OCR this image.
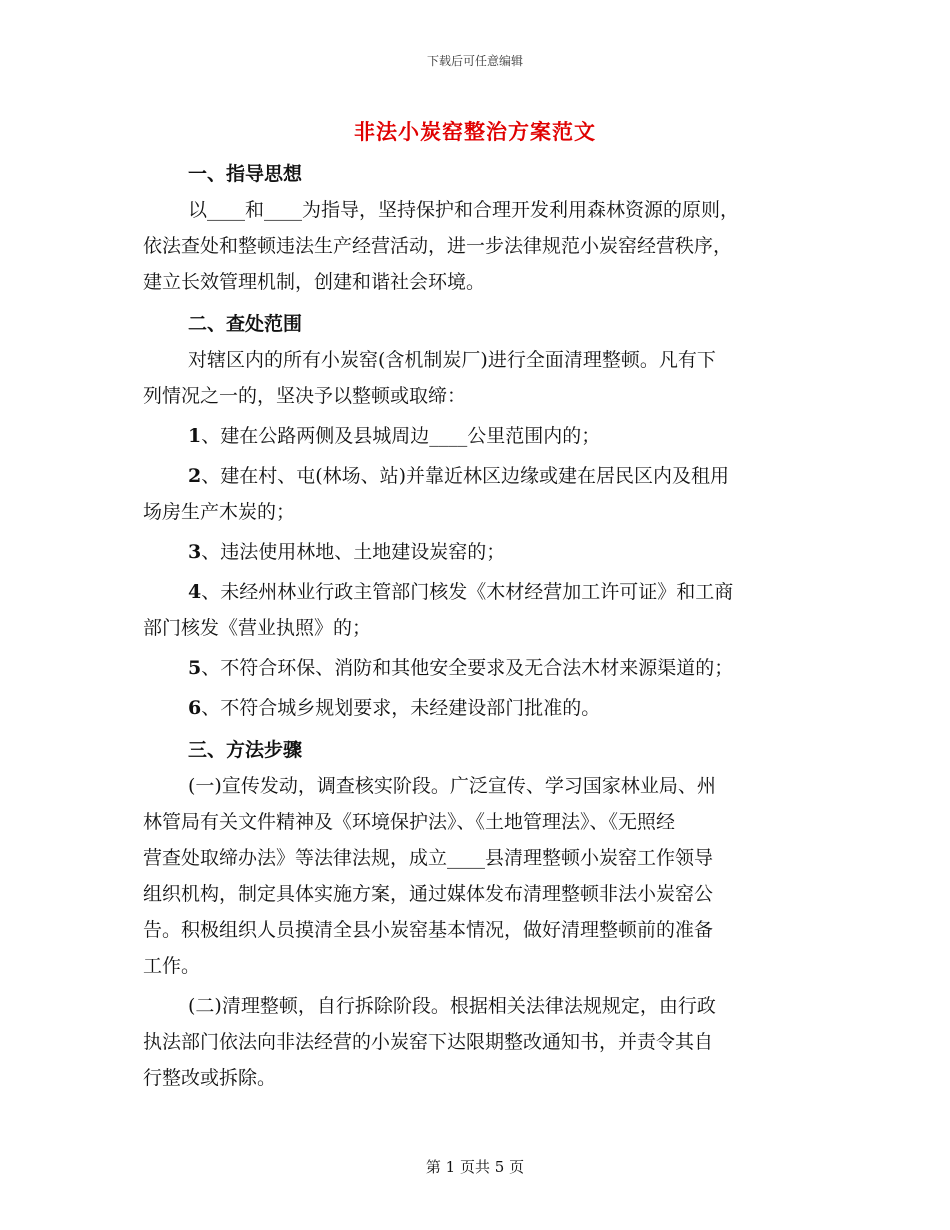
下载后可任意编辑
非法小炭窑整治方案范文
一、指导思想
以____和____为指导，坚持保护和合理开发利用森林资源的原则，
依法查处和整顿违法生产经营活动，进一步法律规范小炭窑经营秩序，
建立长效管理机制，创建和谐社会环境。
二、查处范围
对辖区内的所有小炭窑(含机制炭厂)进行全面清理整顿。凡有下
列情况之一的，坚决予以整顿或取缔：
1、建在公路两侧及县城周边____公里范围内的；
2、建在村、屯(林场、站)并靠近林区边缘或建在居民区内及租用
场房生产木炭的；
3、违法使用林地、土地建设炭窑的；
4、未经州林业行政主管部门核发《木材经营加工许可证》和工商
部门核发《营业执照》的；
5、不符合环保、消防和其他安全要求及无合法木材来源渠道的；
6、不符合城乡规划要求，未经建设部门批准的。
三、方法步骤
(一)宣传发动，调查核实阶段。广泛宣传、学习国家林业局、州
林管局有关文件精神及《环境保护法》、《土地管理法》、《无照经
营查处取缔办法》等法律法规，成立____县清理整顿小炭窑工作领导
组织机构，制定具体实施方案，通过媒体发布清理整顿非法小炭窑公
告。积极组织人员摸清全县小炭窑基本情况，做好清理整顿前的准备
工作。
(二)清理整顿，自行拆除阶段。根据相关法律法规规定，由行政
执法部门依法向非法经营的小炭窑下达限期整改通知书，并责令其自
行整改或拆除。
第 1 页共 5 页
